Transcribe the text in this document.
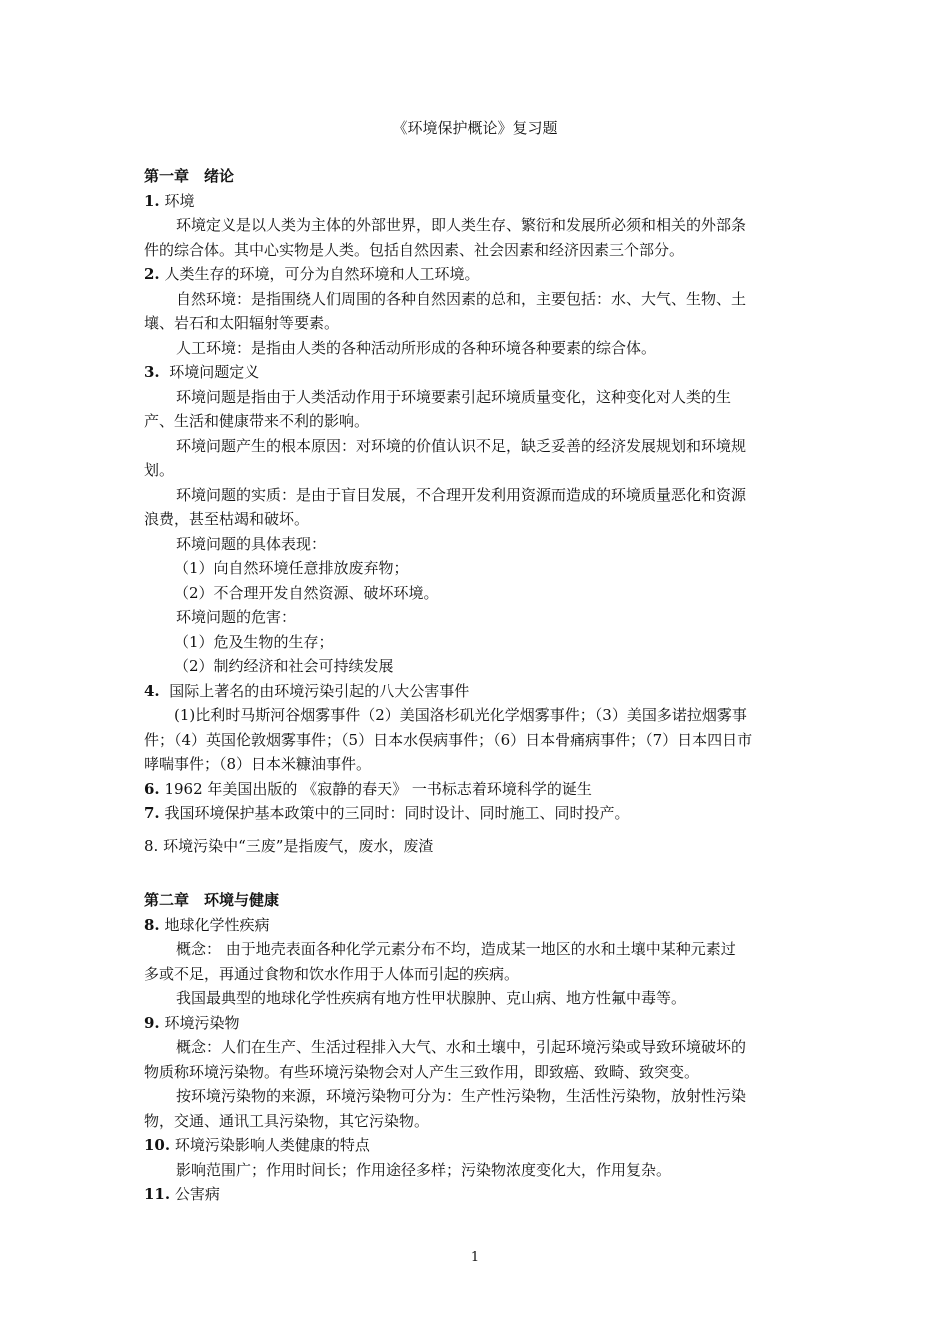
《环境保护概论》复习题
第一章　绪论
1. 环境
环境定义是以人类为主体的外部世界，即人类生存、繁衍和发展所必须和相关的外部条
件的综合体。其中心实物是人类。包括自然因素、社会因素和经济因素三个部分。
2. 人类生存的环境，可分为自然环境和人工环境。
自然环境：是指围绕人们周围的各种自然因素的总和，主要包括：水、大气、生物、土
壤、岩石和太阳辐射等要素。
人工环境：是指由人类的各种活动所形成的各种环境各种要素的综合体。
3. 环境问题定义
环境问题是指由于人类活动作用于环境要素引起环境质量变化，这种变化对人类的生
产、生活和健康带来不利的影响。
环境问题产生的根本原因：对环境的价值认识不足，缺乏妥善的经济发展规划和环境规
划。
环境问题的实质：是由于盲目发展，不合理开发利用资源而造成的环境质量恶化和资源
浪费，甚至枯竭和破坏。
环境问题的具体表现：
（1）向自然环境任意排放废弃物；
（2）不合理开发自然资源、破坏环境。
环境问题的危害：
（1）危及生物的生存；
（2）制约经济和社会可持续发展
4. 国际上著名的由环境污染引起的八大公害事件
(1)比利时马斯河谷烟雾事件（2）美国洛杉矶光化学烟雾事件；（3）美国多诺拉烟雾事
件；（4）英国伦敦烟雾事件；（5）日本水俣病事件；（6）日本骨痛病事件；（7）日本四日市
哮喘事件；（8）日本米糠油事件。
6. 1962 年美国出版的 《寂静的春天》 一书标志着环境科学的诞生
7. 我国环境保护基本政策中的三同时：同时设计、同时施工、同时投产。
8. 环境污染中“三废”是指废气，废水，废渣
第二章　环境与健康
8. 地球化学性疾病
概念： 由于地壳表面各种化学元素分布不均，造成某一地区的水和土壤中某种元素过
多或不足，再通过食物和饮水作用于人体而引起的疾病。
我国最典型的地球化学性疾病有地方性甲状腺肿、克山病、地方性氟中毒等。
9. 环境污染物
概念：人们在生产、生活过程排入大气、水和土壤中，引起环境污染或导致环境破坏的
物质称环境污染物。有些环境污染物会对人产生三致作用，即致癌、致畸、致突变。
按环境污染物的来源，环境污染物可分为：生产性污染物，生活性污染物，放射性污染
物，交通、通讯工具污染物，其它污染物。
10. 环境污染影响人类健康的特点
影响范围广；作用时间长；作用途径多样；污染物浓度变化大，作用复杂。
11. 公害病
1
